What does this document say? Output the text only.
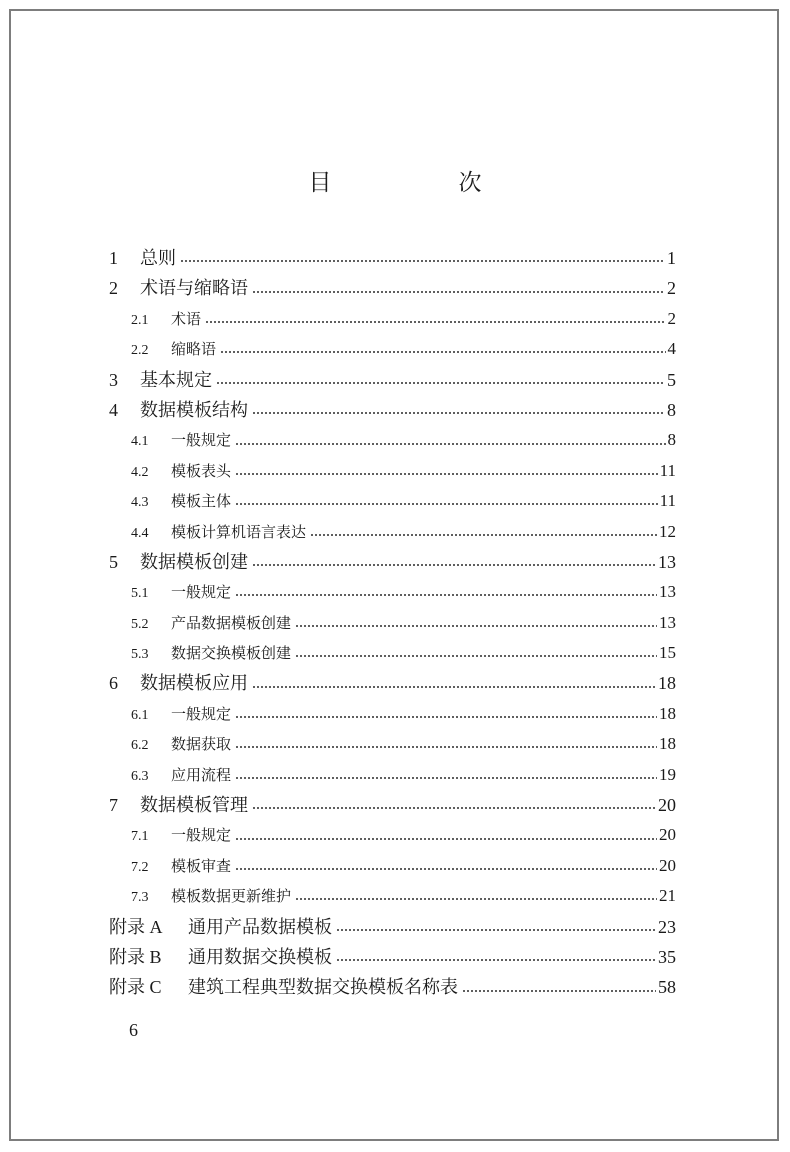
目　次
1	总则	1
2	术语与缩略语	2
2.1	术语	2
2.2	缩略语	4
3	基本规定	5
4	数据模板结构	8
4.1	一般规定	8
4.2	模板表头	11
4.3	模板主体	11
4.4	模板计算机语言表达	12
5	数据模板创建	13
5.1	一般规定	13
5.2	产品数据模板创建	13
5.3	数据交换模板创建	15
6	数据模板应用	18
6.1	一般规定	18
6.2	数据获取	18
6.3	应用流程	19
7	数据模板管理	20
7.1	一般规定	20
7.2	模板审查	20
7.3	模板数据更新维护	21
附录 A	通用产品数据模板	23
附录 B	通用数据交换模板	35
附录 C	建筑工程典型数据交换模板名称表	58
6
